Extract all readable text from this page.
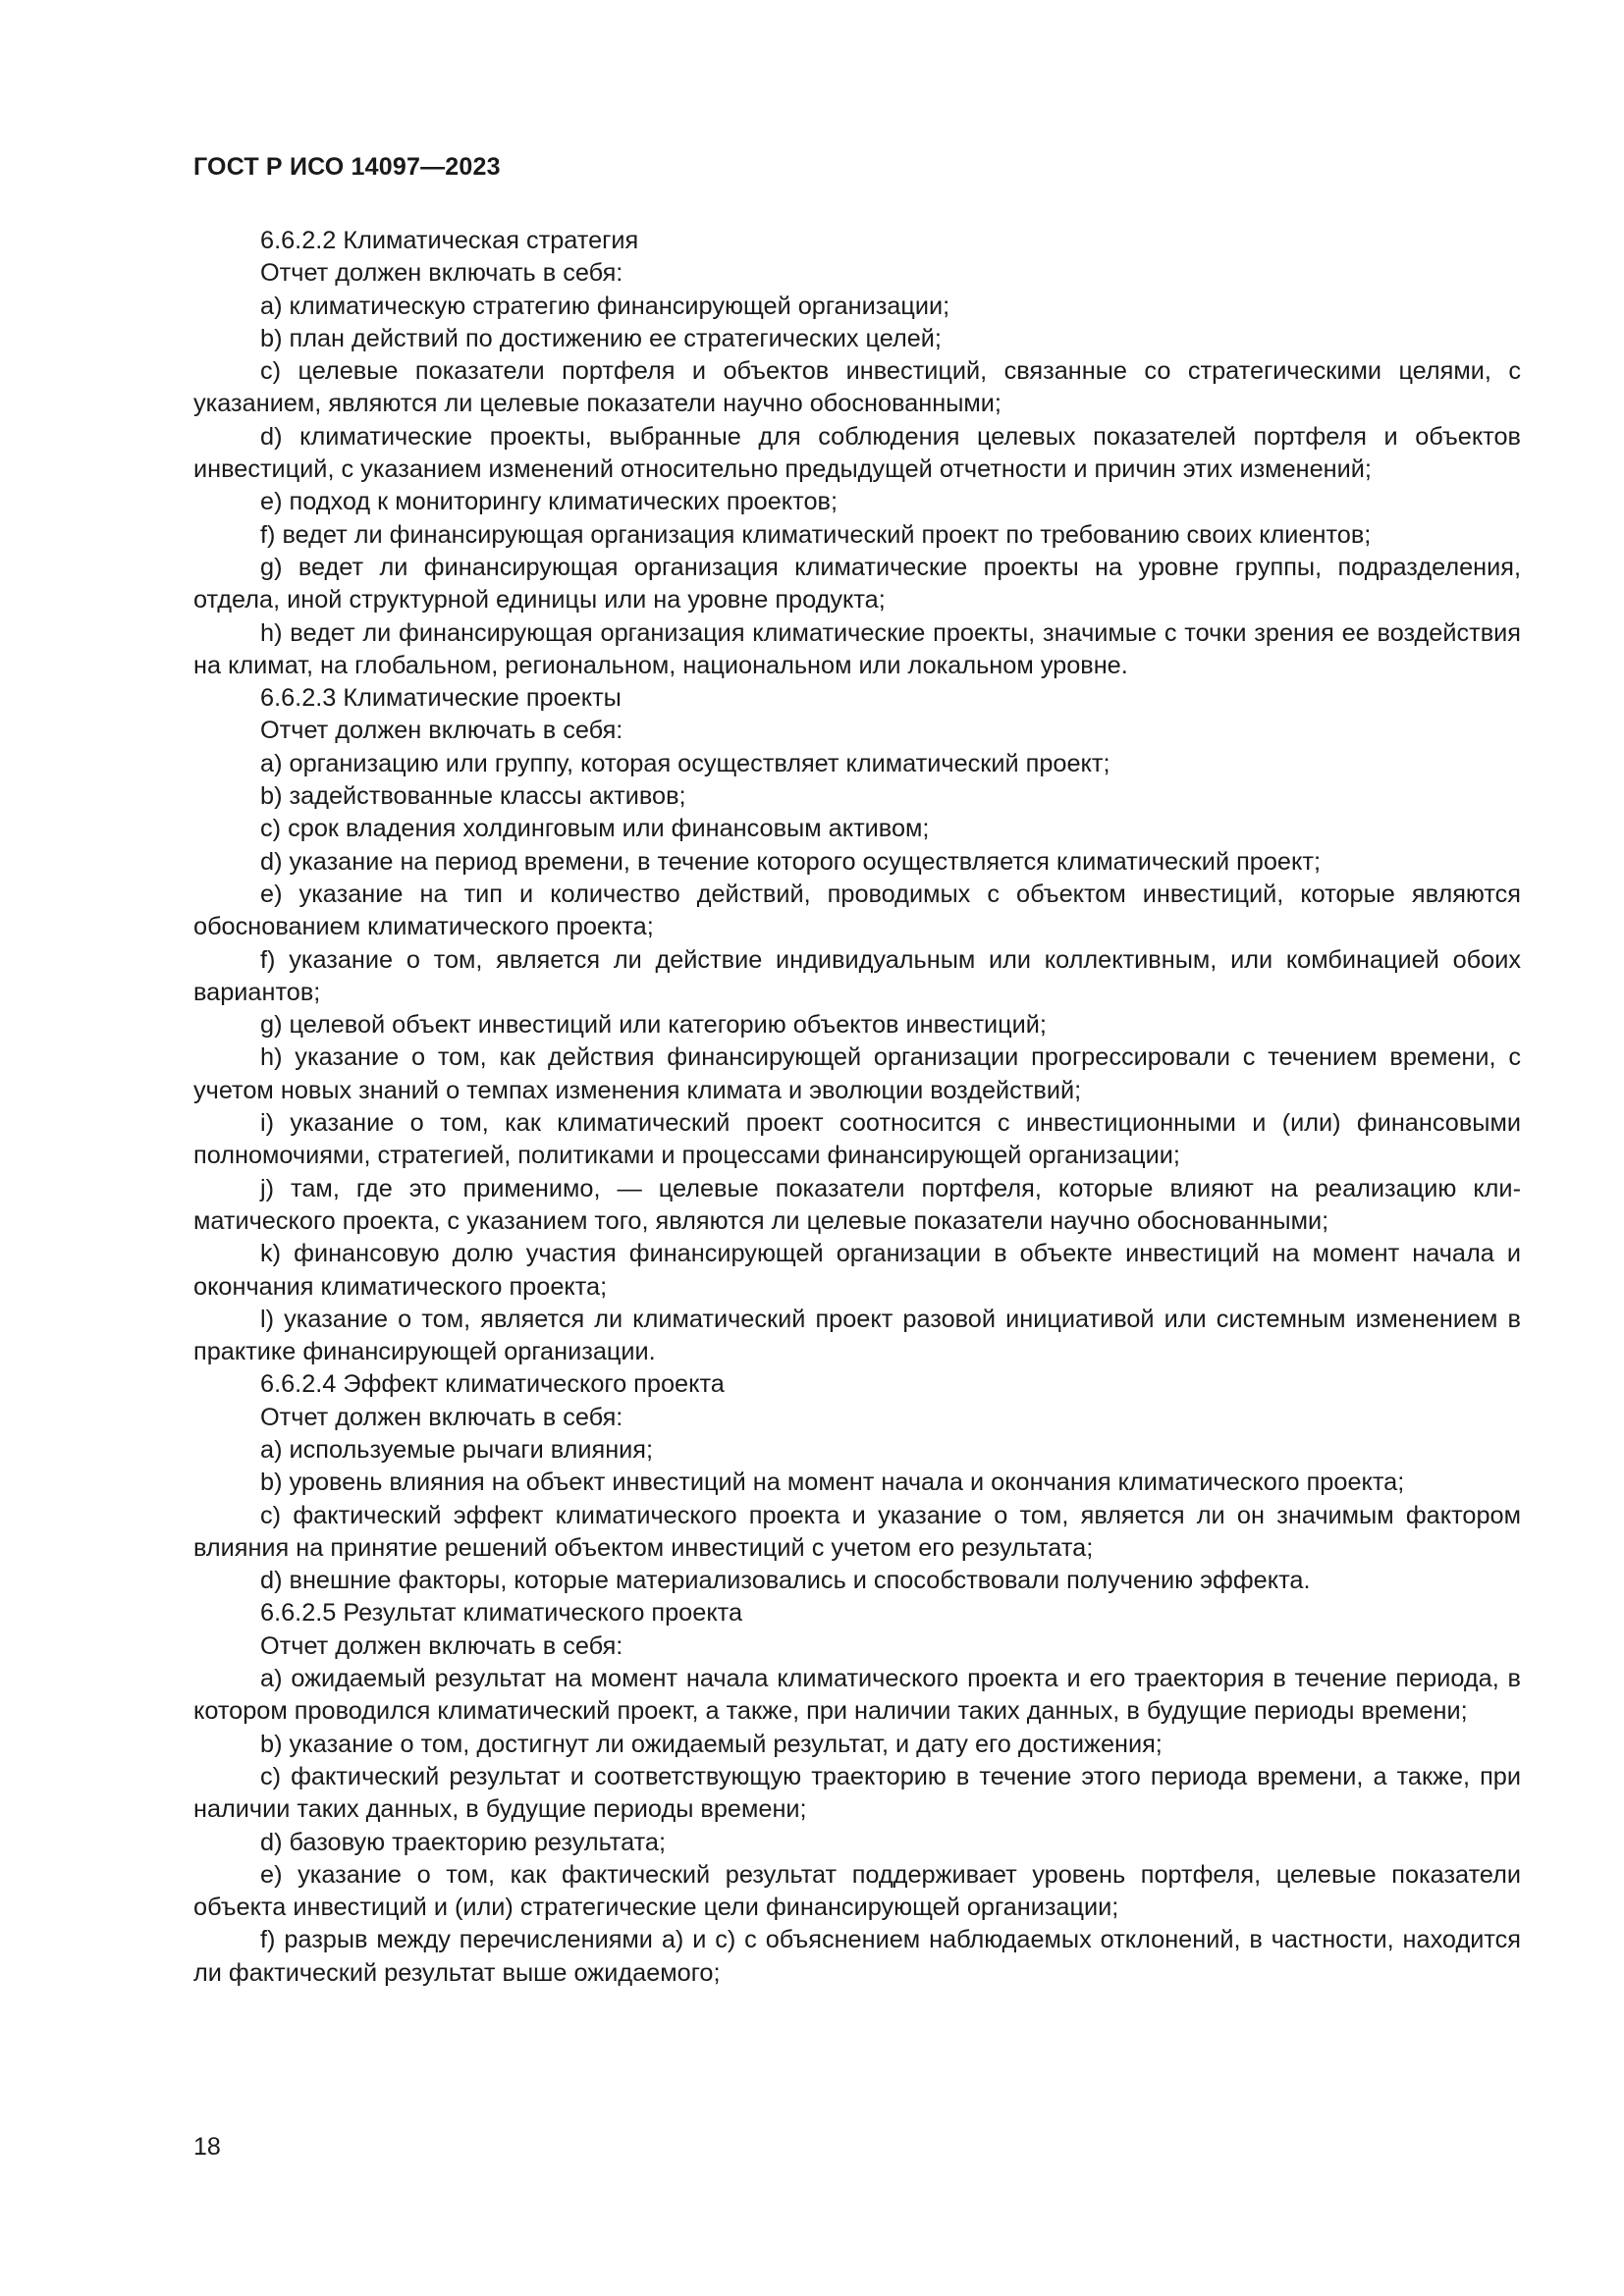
ГОСТ Р ИСО 14097—2023

6.6.2.2 Климатическая стратегия

Отчет должен включать в себя:

a) климатическую стратегию финансирующей организации;

b) план действий по достижению ее стратегических целей;

c) целевые показатели портфеля и объектов инвестиций, связанные со стратегическими целями, с указанием, являются ли целевые показатели научно обоснованными;

d) климатические проекты, выбранные для соблюдения целевых показателей портфеля и объектов инвестиций, с указанием изменений относительно предыдущей отчетности и причин этих изменений;

e) подход к мониторингу климатических проектов;

f) ведет ли финансирующая организация климатический проект по требованию своих клиентов;

g) ведет ли финансирующая организация климатические проекты на уровне группы, подразделения, отдела, иной структурной единицы или на уровне продукта;

h) ведет ли финансирующая организация климатические проекты, значимые с точки зрения ее воздействия на климат, на глобальном, региональном, национальном или локальном уровне.

6.6.2.3 Климатические проекты

Отчет должен включать в себя:

a) организацию или группу, которая осуществляет климатический проект;

b) задействованные классы активов;

c) срок владения холдинговым или финансовым активом;

d) указание на период времени, в течение которого осуществляется климатический проект;

e) указание на тип и количество действий, проводимых с объектом инвестиций, которые являются обоснованием климатического проекта;

f) указание о том, является ли действие индивидуальным или коллективным, или комбинацией обоих вариантов;

g) целевой объект инвестиций или категорию объектов инвестиций;

h) указание о том, как действия финансирующей организации прогрессировали с течением времени, с учетом новых знаний о темпах изменения климата и эволюции воздействий;

i) указание о том, как климатический проект соотносится с инвестиционными и (или) финансовыми полномочиями, стратегией, политиками и процессами финансирующей организации;

j) там, где это применимо, — целевые показатели портфеля, которые влияют на реализацию климатического проекта, с указанием того, являются ли целевые показатели научно обоснованными;

k) финансовую долю участия финансирующей организации в объекте инвестиций на момент начала и окончания климатического проекта;

l) указание о том, является ли климатический проект разовой инициативой или системным изменением в практике финансирующей организации.

6.6.2.4 Эффект климатического проекта

Отчет должен включать в себя:

a) используемые рычаги влияния;

b) уровень влияния на объект инвестиций на момент начала и окончания климатического проекта;

c) фактический эффект климатического проекта и указание о том, является ли он значимым фактором влияния на принятие решений объектом инвестиций с учетом его результата;

d) внешние факторы, которые материализовались и способствовали получению эффекта.

6.6.2.5 Результат климатического проекта

Отчет должен включать в себя:

a) ожидаемый результат на момент начала климатического проекта и его траектория в течение периода, в котором проводился климатический проект, а также, при наличии таких данных, в будущие периоды времени;

b) указание о том, достигнут ли ожидаемый результат, и дату его достижения;

c) фактический результат и соответствующую траекторию в течение этого периода времени, а также, при наличии таких данных, в будущие периоды времени;

d) базовую траекторию результата;

e) указание о том, как фактический результат поддерживает уровень портфеля, целевые показатели объекта инвестиций и (или) стратегические цели финансирующей организации;

f) разрыв между перечислениями a) и c) с объяснением наблюдаемых отклонений, в частности, находится ли фактический результат выше ожидаемого;

18
